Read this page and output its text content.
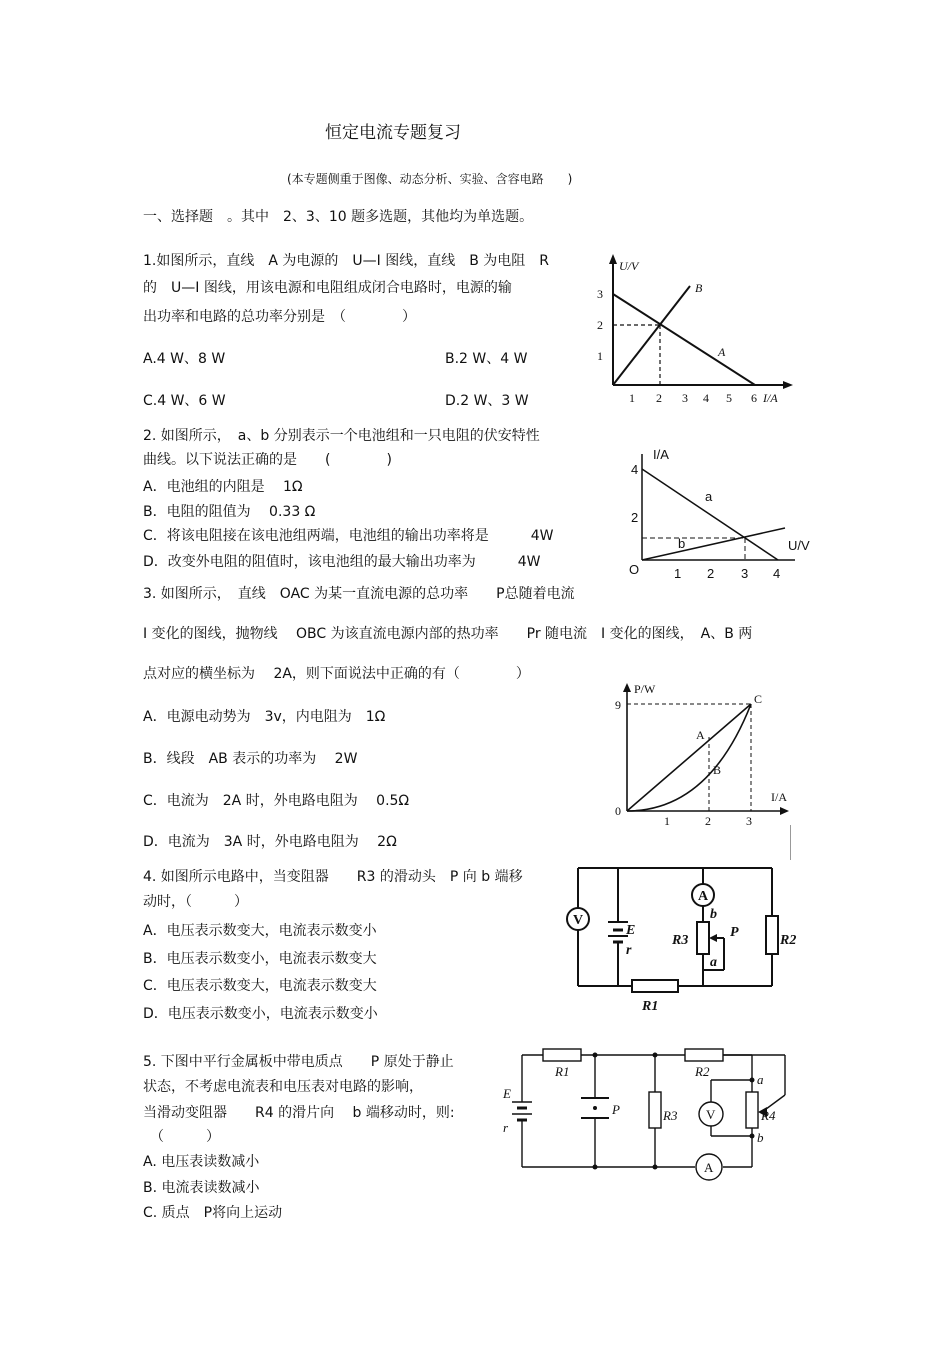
恒定电流专题复习
(本专题侧重于图像、动态分析、实验、含容电路　　)
一、选择题　。其中　2、3、10 题多选题，其他均为单选题。
1.如图所示，直线　A 为电源的　U—I 图线，直线　B 为电阻　R
的　U—I 图线，用该电源和电阻组成闭合电路时，电源的输
出功率和电路的总功率分别是　（　　　　）
A.4 W、8 W	B.2 W、4 W
C.4 W、6 W	D.2 W、3 W
U/V
I/A
3
2
1
1 2 3 4 5 6
A
B
2. 如图所示，　a、b 分别表示一个电池组和一只电阻的伏安特性
曲线。以下说法正确的是　　(　　　　)
A．电池组的内阻是　 1Ω
B．电阻的阻值为　 0.33 Ω
C．将该电阻接在该电池组两端，电池组的输出功率将是　　　4W
D．改变外电阻的阻值时，该电池组的最大输出功率为　　　4W
I/A
U/V
O
4
2
1 2 3 4
a
b
3. 如图所示，　直线　OAC 为某一直流电源的总功率　　P总随着电流
I 变化的图线，抛物线　 OBC 为该直流电源内部的热功率　　Pr 随电流　I 变化的图线，　A、B 两
点对应的横坐标为　 2A，则下面说法中正确的有（　　　　）
A．电源电动势为　3v，内电阻为　1Ω
B．线段　AB 表示的功率为　 2W
C．电流为　2A 时，外电路电阻为　 0.5Ω
D．电流为　3A 时，外电路电阻为　 2Ω
P/W
I/A
0
9
1	2	3
A
B
C
4. 如图所示电路中，当变阻器　　R3 的滑动头　P 向 b 端移
动时，（　　　）
A．电压表示数变大，电流表示数变小
B．电压表示数变小，电流表示数变大
C．电压表示数变大，电流表示数变大
D．电压表示数变小，电流表示数变小
V
A
E
r
R3	R2
R1
b
a
P
5. 下图中平行金属板中带电质点　　P 原处于静止
状态，不考虑电流表和电压表对电路的影响，
当滑动变阻器　　R4 的滑片向　 b 端移动时，则:
（　　　）
A. 电压表读数减小
B. 电流表读数减小
C. 质点　P将向上运动
E
r
R1	R2
R3	R4
P
a
b
V
A
